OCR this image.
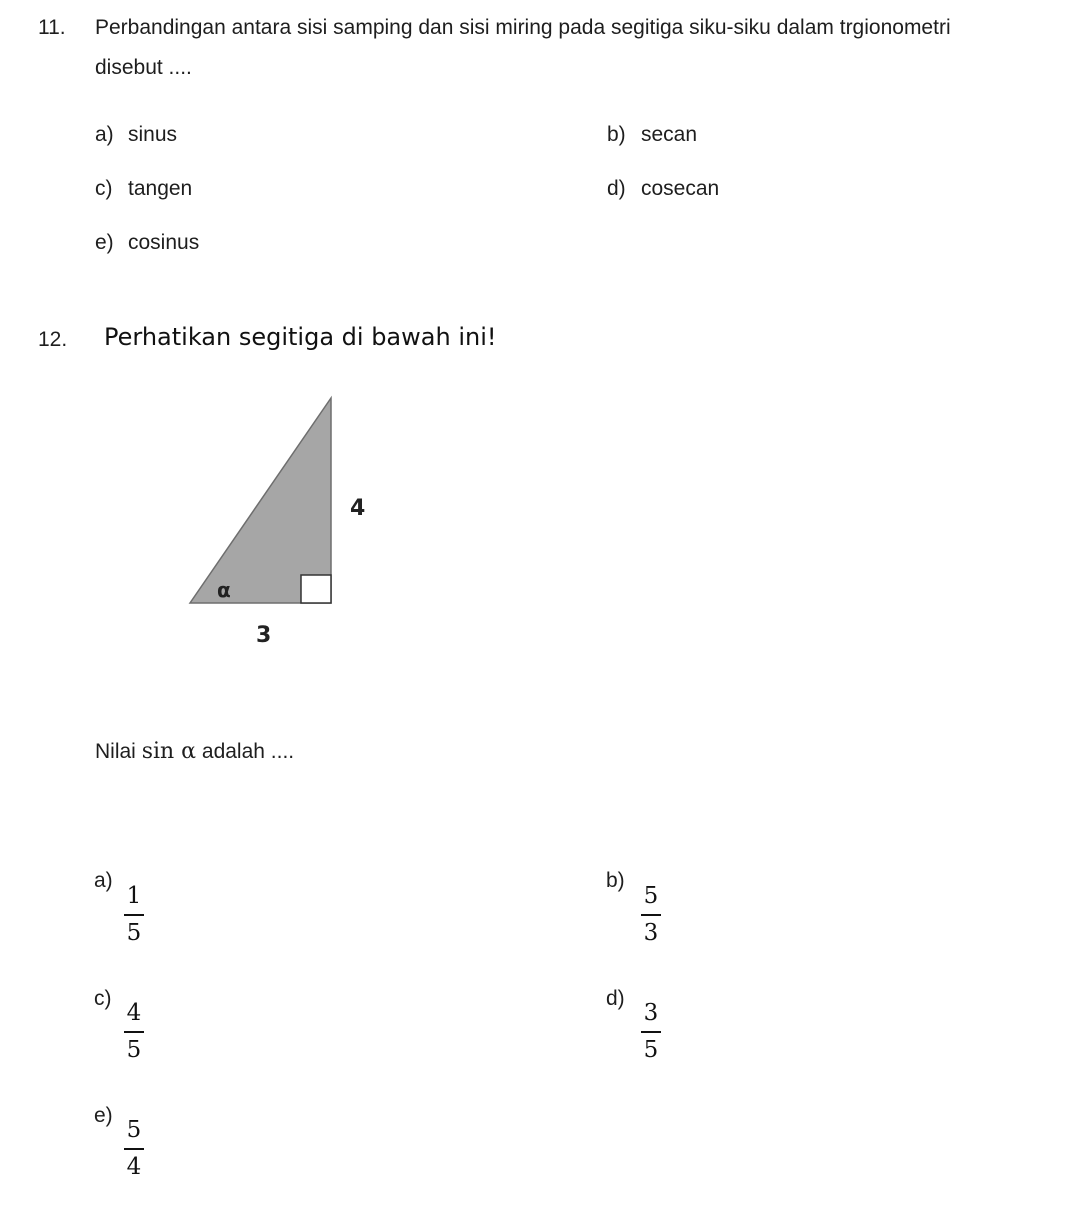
11. Perbandingan antara sisi samping dan sisi miring pada segitiga siku-siku dalam trgionometri
disebut ....
a) sinus	b) secan
c) tangen	d) cosecan
e) cosinus
12. Perhatikan segitiga di bawah ini!
4
α
3
Nilai sin α adalah ....
a)
1
5
b)
5
3
c)
4
5
d)
3
5
e)
5
4
